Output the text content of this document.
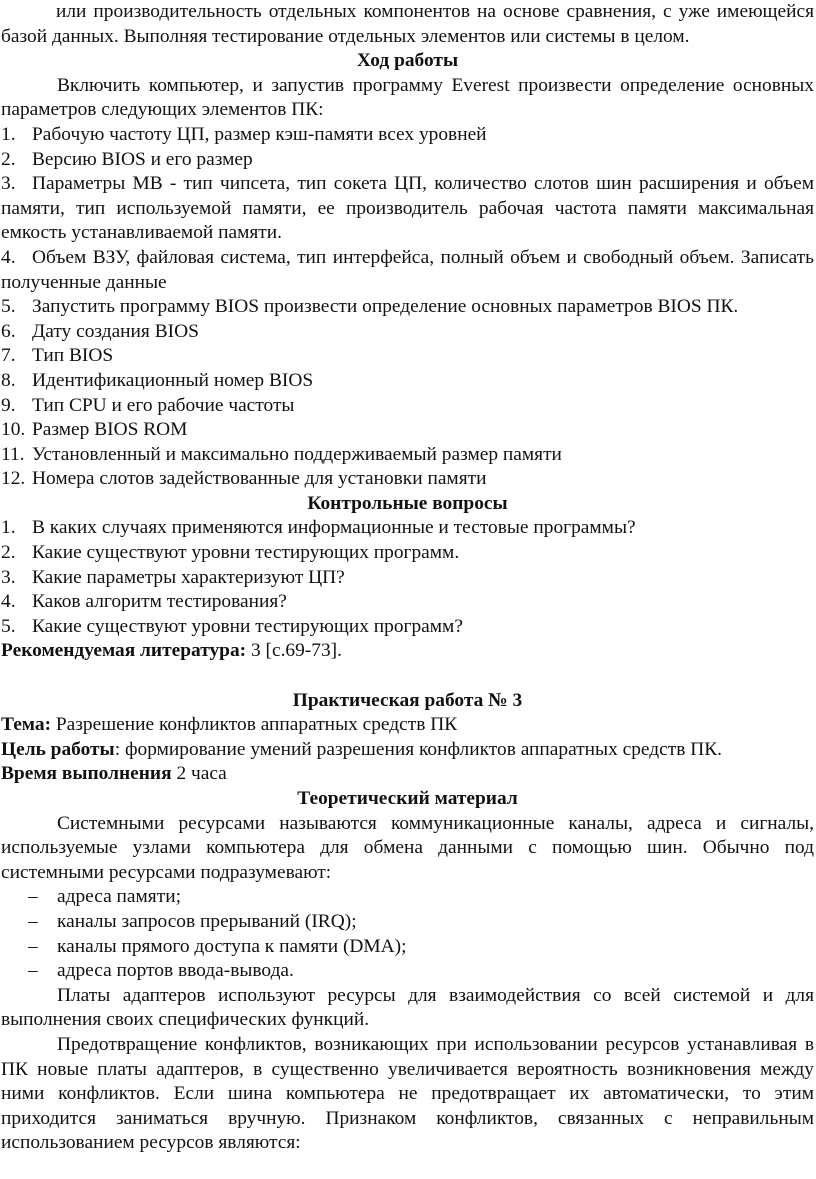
или производительность отдельных компонентов на основе сравнения, с уже имеющейся базой данных. Выполняя тестирование отдельных элементов или системы в целом.

Ход работы

Включить компьютер, и запустив программу Everest произвести определение основных параметров следующих элементов ПК:

1. Рабочую частоту ЦП, размер кэш-памяти всех уровней
2. Версию BIOS и его размер
3. Параметры МВ - тип чипсета, тип сокета ЦП, количество слотов шин расширения и объем памяти, тип используемой памяти, ее производитель рабочая частота памяти максимальная емкость устанавливаемой памяти.
4. Объем ВЗУ, файловая система, тип интерфейса, полный объем и свободный объем. Записать полученные данные
5. Запустить программу BIOS произвести определение основных параметров BIOS ПК.
6. Дату создания BIOS
7. Тип BIOS
8. Идентификационный номер BIOS
9. Тип CPU и его рабочие частоты
10. Размер BIOS ROM
11. Установленный и максимально поддерживаемый размер памяти
12. Номера слотов задействованные для установки памяти

Контрольные вопросы

1. В каких случаях применяются информационные и тестовые программы?
2. Какие существуют уровни тестирующих программ.
3. Какие параметры характеризуют ЦП?
4. Каков алгоритм тестирования?
5. Какие существуют уровни тестирующих программ?

Рекомендуемая литература: 3 [с.69-73].

Практическая работа № 3

Тема: Разрешение конфликтов аппаратных средств ПК

Цель работы: формирование умений разрешения конфликтов аппаратных средств ПК.

Время выполнения 2 часа

Теоретический материал

Системными ресурсами называются коммуникационные каналы, адреса и сигналы, используемые узлами компьютера для обмена данными с помощью шин. Обычно под системными ресурсами подразумевают:

– адреса памяти;
– каналы запросов прерываний (IRQ);
– каналы прямого доступа к памяти (DMA);
– адреса портов ввода-вывода.

Платы адаптеров используют ресурсы для взаимодействия со всей системой и для выполнения своих специфических функций.

Предотвращение конфликтов, возникающих при использовании ресурсов устанавливая в ПК новые платы адаптеров, в существенно увеличивается вероятность возникновения между ними конфликтов. Если шина компьютера не предотвращает их автоматически, то этим приходится заниматься вручную. Признаком конфликтов, связанных с неправильным использованием ресурсов являются:
